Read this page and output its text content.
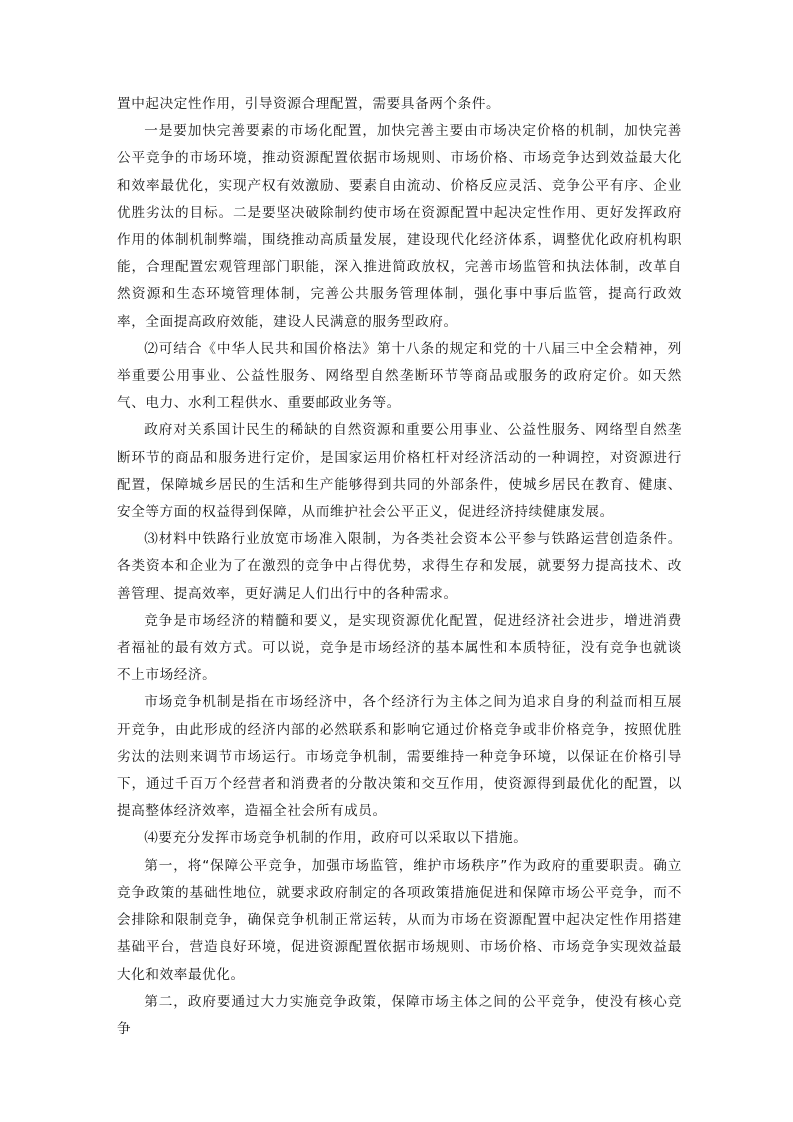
置中起决定性作用，引导资源合理配置，需要具备两个条件。

一是要加快完善要素的市场化配置，加快完善主要由市场决定价格的机制，加快完善公平竞争的市场环境，推动资源配置依据市场规则、市场价格、市场竞争达到效益最大化和效率最优化，实现产权有效激励、要素自由流动、价格反应灵活、竞争公平有序、企业优胜劣汰的目标。二是要坚决破除制约使市场在资源配置中起决定性作用、更好发挥政府作用的体制机制弊端，围绕推动高质量发展，建设现代化经济体系，调整优化政府机构职能，合理配置宏观管理部门职能，深入推进简政放权，完善市场监管和执法体制，改革自然资源和生态环境管理体制，完善公共服务管理体制，强化事中事后监管，提高行政效率，全面提高政府效能，建设人民满意的服务型政府。

⑵可结合《中华人民共和国价格法》第十八条的规定和党的十八届三中全会精神，列举重要公用事业、公益性服务、网络型自然垄断环节等商品或服务的政府定价。如天然气、电力、水利工程供水、重要邮政业务等。

政府对关系国计民生的稀缺的自然资源和重要公用事业、公益性服务、网络型自然垄断环节的商品和服务进行定价，是国家运用价格杠杆对经济活动的一种调控，对资源进行配置，保障城乡居民的生活和生产能够得到共同的外部条件，使城乡居民在教育、健康、安全等方面的权益得到保障，从而维护社会公平正义，促进经济持续健康发展。

⑶材料中铁路行业放宽市场准入限制，为各类社会资本公平参与铁路运营创造条件。各类资本和企业为了在激烈的竞争中占得优势，求得生存和发展，就要努力提高技术、改善管理、提高效率，更好满足人们出行中的各种需求。

竞争是市场经济的精髓和要义，是实现资源优化配置，促进经济社会进步，增进消费者福祉的最有效方式。可以说，竞争是市场经济的基本属性和本质特征，没有竞争也就谈不上市场经济。

市场竞争机制是指在市场经济中，各个经济行为主体之间为追求自身的利益而相互展开竞争，由此形成的经济内部的必然联系和影响它通过价格竞争或非价格竞争，按照优胜劣汰的法则来调节市场运行。市场竞争机制，需要维持一种竞争环境，以保证在价格引导下，通过千百万个经营者和消费者的分散决策和交互作用，使资源得到最优化的配置，以提高整体经济效率，造福全社会所有成员。

⑷要充分发挥市场竞争机制的作用，政府可以采取以下措施。

第一，将“保障公平竞争，加强市场监管，维护市场秩序”作为政府的重要职责。确立竞争政策的基础性地位，就要求政府制定的各项政策措施促进和保障市场公平竞争，而不会排除和限制竞争，确保竞争机制正常运转，从而为市场在资源配置中起决定性作用搭建基础平台，营造良好环境，促进资源配置依据市场规则、市场价格、市场竞争实现效益最大化和效率最优化。

第二，政府要通过大力实施竞争政策，保障市场主体之间的公平竞争，使没有核心竞争
